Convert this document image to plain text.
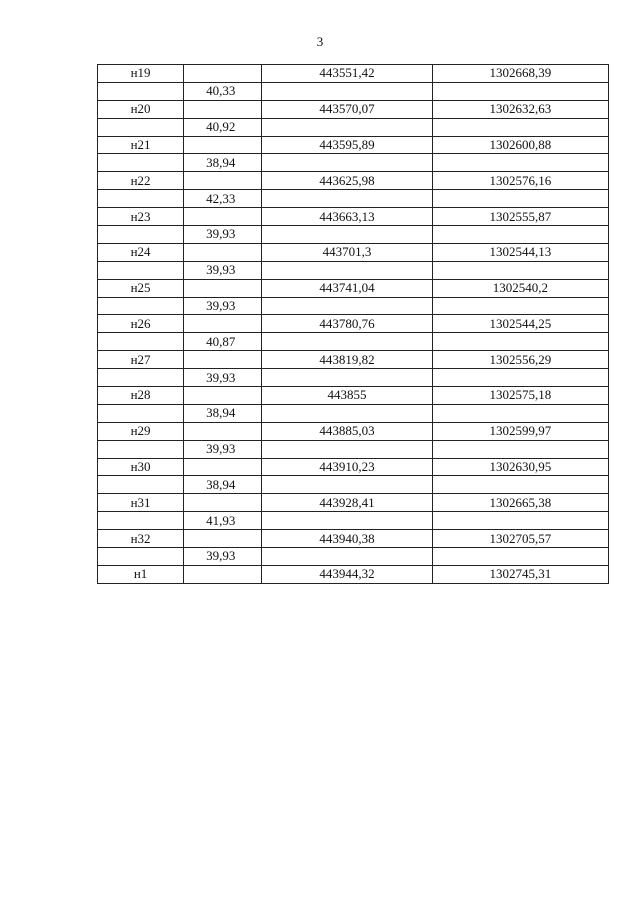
3
н19		443551,42	1302668,39
	40,33		
н20		443570,07	1302632,63
	40,92		
н21		443595,89	1302600,88
	38,94		
н22		443625,98	1302576,16
	42,33		
н23		443663,13	1302555,87
	39,93		
н24		443701,3	1302544,13
	39,93		
н25		443741,04	1302540,2
	39,93		
н26		443780,76	1302544,25
	40,87		
н27		443819,82	1302556,29
	39,93		
н28		443855	1302575,18
	38,94		
н29		443885,03	1302599,97
	39,93		
н30		443910,23	1302630,95
	38,94		
н31		443928,41	1302665,38
	41,93		
н32		443940,38	1302705,57
	39,93		
н1		443944,32	1302745,31
